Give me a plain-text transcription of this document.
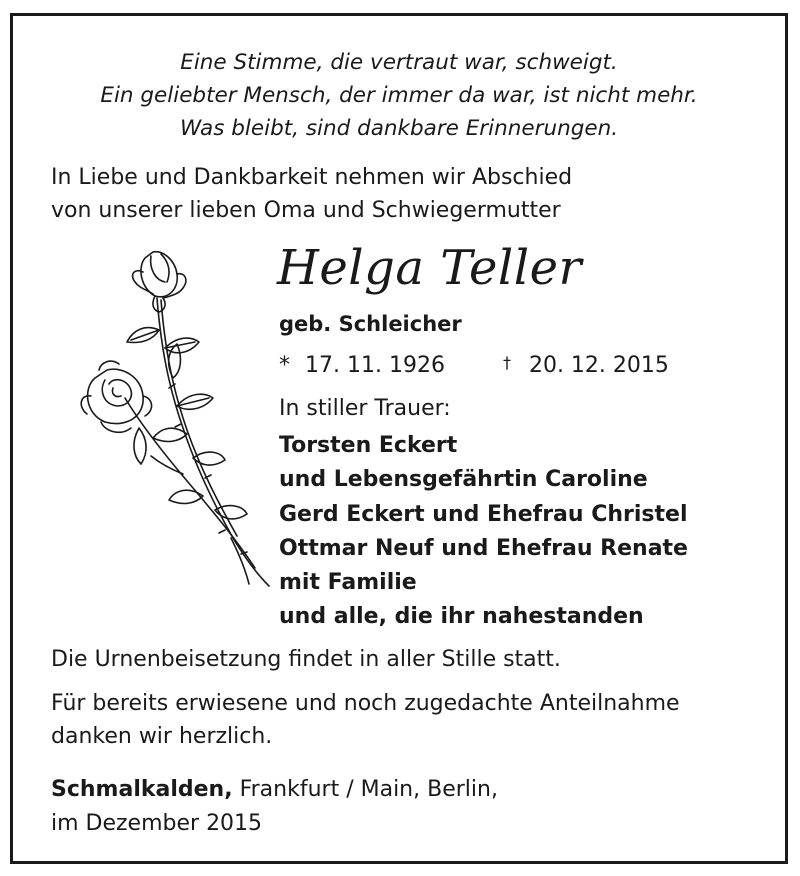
Eine Stimme, die vertraut war, schweigt.
Ein geliebter Mensch, der immer da war, ist nicht mehr.
Was bleibt, sind dankbare Erinnerungen.
In Liebe und Dankbarkeit nehmen wir Abschied
von unserer lieben Oma und Schwiegermutter
Helga Teller
geb. Schleicher
* 17. 11. 1926	† 20. 12. 2015
In stiller Trauer:
Torsten Eckert
und Lebensgefährtin Caroline
Gerd Eckert und Ehefrau Christel
Ottmar Neuf und Ehefrau Renate
mit Familie
und alle, die ihr nahestanden
Die Urnenbeisetzung findet in aller Stille statt.
Für bereits erwiesene und noch zugedachte Anteilnahme
danken wir herzlich.
Schmalkalden, Frankfurt / Main, Berlin,
im Dezember 2015
